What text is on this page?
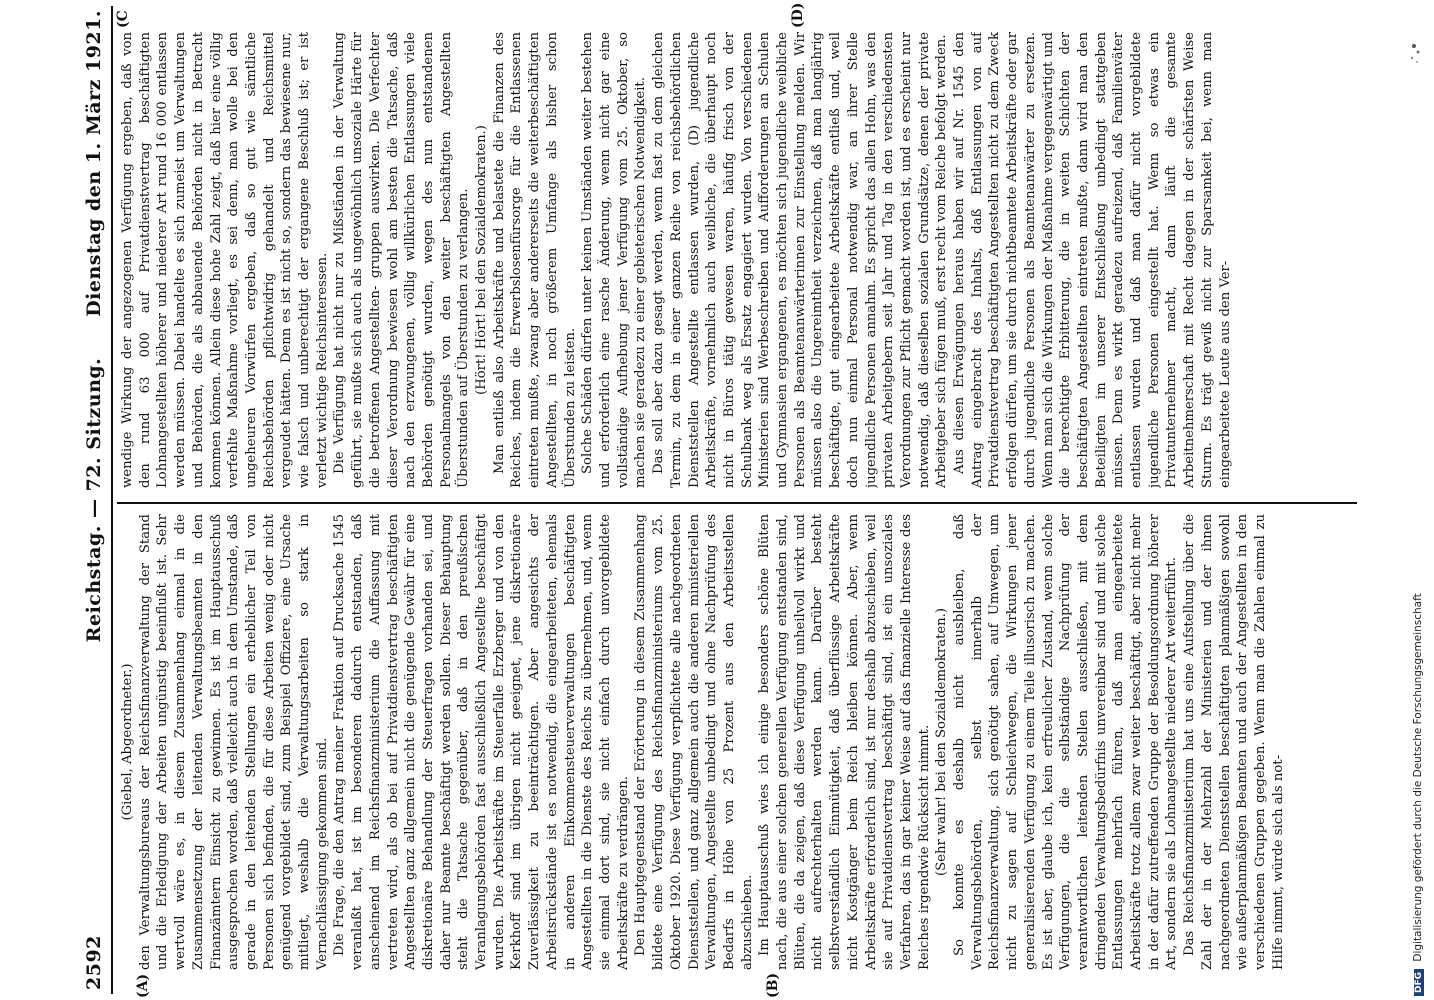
2592
Reichstag. — 72. Sitzung.
Dienstag den 1. März 1921.
(A)	(B)
(C	(D)

(Giebel, Abgeordneter.) den Verwaltungsbureaus der Reichsfinanzverwaltung der Stand und die Erledigung der Arbeiten ungünstig beeinflußt ist. Sehr wertvoll wäre es, in diesem Zusammenhang einmal in die Zusammensetzung der leitenden Verwaltungsbeamten in den Finanzämtern Einsicht zu gewinnen. Es ist im Hauptausschuß ausgesprochen worden, daß vielleicht auch in dem Umstande, daß gerade in den leitenden Stellungen ein erheblicher Teil von Personen sich befinden, die für diese Arbeiten wenig oder nicht genügend vorgebildet sind, zum Beispiel Offiziere, eine Ursache mitliegt, weshalb die Verwaltungsarbeiten so stark in Vernachlässigung gekommen sind. Die Frage, die den Antrag meiner Fraktion auf Drucksache 1545 veranlaßt hat, ist im besonderen dadurch entstanden, daß anscheinend im Reichsfinanzministerium die Auffassung mit vertreten wird, als ob bei auf Privatdienstvertrag beschäftigten Angestellten ganz allgemein nicht die genügende Gewähr für eine diskretionäre Behandlung der Steuerfragen vorhanden sei, und daher nur Beamte beschäftigt werden sollen. Dieser Behauptung steht die Tatsache gegenüber, daß in den preußischen Veranlagungsbehörden fast ausschließlich Angestellte beschäftigt wurden. Die Arbeitskräfte im Steuerfalle Erzberger und von den Kerkhoff sind im übrigen nicht geeignet, jene diskretionäre Zuverlässigkeit zu beeinträchtigen. Aber angesichts der Arbeitsrückstände ist es notwendig, die eingearbeiteten, ehemals in anderen Einkommensteuerverwaltungen beschäftigten Angestellten in die Dienste des Reichs zu übernehmen, und, wenn sie einmal dort sind, sie nicht einfach durch unvorgebildete Arbeitskräfte zu verdrängen. Den Hauptgegenstand der Erörterung in diesem Zusammenhang bildete eine Verfügung des Reichsfinanzministeriums vom 25. Oktober 1920. Diese Verfügung verpflichtete alle nachgeordneten Dienststellen, und ganz allgemein auch die anderen ministeriellen Verwaltungen, Angestellte unbedingt und ohne Nachprüfung des Bedarfs in Höhe von 25 Prozent aus den Arbeitsstellen abzuschieben. Im Hauptausschuß wies ich einige besonders schöne Blüten nach, die aus einer solchen generellen Verfügung entstanden sind, Blüten, die da zeigen, daß diese Verfügung unheilvoll wirkt und nicht aufrechterhalten werden kann. Darüber besteht selbstverständlich Einmütigkeit, daß überflüssige Arbeitskräfte nicht Kostgänger beim Reich bleiben können. Aber, wenn Arbeitskräfte erforderlich sind, ist nur deshalb abzuschieben, weil sie auf Privatdienstvertrag beschäftigt sind, ist ein unsoziales Verfahren, das in gar keiner Weise auf das finanzielle Interesse des Reiches irgendwie Rücksicht nimmt. (Sehr wahr! bei den Sozialdemokraten.) So konnte es deshalb nicht ausbleiben, daß Verwaltungsbehörden, selbst innerhalb der Reichsfinanzverwaltung, sich genötigt sahen, auf Umwegen, um nicht zu sagen auf Schleichwegen, die Wirkungen jener generalisierenden Verfügung zu einem Teile illusorisch zu machen. Es ist aber, glaube ich, kein erfreulicher Zustand, wenn solche Verfügungen, die die selbständige Nachprüfung der verantwortlichen leitenden Stellen ausschließen, mit dem dringenden Verwaltungsbedürfnis unvereinbar sind und mit solche Entlassungen mehrfach führen, daß man eingearbeitete Arbeitskräfte trotz allem zwar weiter beschäftigt, aber nicht mehr in der dafür zutreffenden Gruppe der Besoldungsordnung höherer Art, sondern sie als Lohnangestellte niederer Art weiterführt. Das Reichsfinanzministerium hat uns eine Aufstellung über die Zahl der in der Mehrzahl der Ministerien und der ihnen nachgeordneten Dienststellen beschäftigten planmäßigen sowohl wie außerplanmäßigen Beamten und auch der Angestellten in den verschiedenen Gruppen gegeben. Wenn man die Zahlen einmal zu Hilfe nimmt, würde sich als not-

wendige Wirkung der angezogenen Verfügung ergeben, daß von den rund 63 000 auf Privatdienstvertrag beschäftigten Lohnangestellten höherer und niederer Art rund 16 000 entlassen werden müssen. Dabei handelte es sich zumeist um Verwaltungen und Behörden, die als abbauende Behörden nicht in Betracht kommen können. Allein diese hohe Zahl zeigt, daß hier eine völlig verfehlte Maßnahme vorliegt, es sei denn, man wolle bei den ungeheuren Vorwürfen ergeben, daß so gut wie sämtliche Reichsbehörden pflichtwidrig gehandelt und Reichsmittel vergeudet hätten. Denn es ist nicht so, sondern das bewiesene nur, wie falsch und unberechtigt der ergangene Beschluß ist; er ist verletzt wichtige Reichsinteressen. Die Verfügung hat nicht nur zu Mißständen in der Verwaltung geführt, sie mußte sich auch als ungewöhnlich unsoziale Härte für die betroffenen Angestellten- gruppen auswirken. Die Verfechter dieser Verordnung bewiesen wohl am besten die Tatsache, daß nach den erzwungenen, völlig willkürlichen Entlassungen viele Behörden genötigt wurden, wegen des nun entstandenen Personalmangels von den weiter beschäftigten Angestellten Überstunden auf Überstunden zu verlangen. (Hört! Hört! bei den Sozialdemokraten.) Man entließ also Arbeitskräfte und belastete die Finanzen des Reiches, indem die Erwerbslosenfürsorge für die Entlassenen eintreten mußte, zwang aber andererseits die weiterbeschäftigten Angestellten, in noch größerem Umfange als bisher schon Überstunden zu leisten. Solche Schäden dürfen unter keinen Umständen weiter bestehen und erforderlich eine rasche Änderung, wenn nicht gar eine vollständige Aufhebung jener Verfügung vom 25. Oktober, so machen sie geradezu zu einer gebieterischen Notwendigkeit. Das soll aber dazu gesagt werden, wenn fast zu dem gleichen Termin, zu dem in einer ganzen Reihe von reichsbehördlichen Dienststellen Angestellte entlassen wurden, (D) jugendliche Arbeitskräfte, vornehmlich auch weibliche, die überhaupt noch nicht in Büros tätig gewesen waren, häufig frisch von der Schulbank weg als Ersatz engagiert wurden. Von verschiedenen Ministerien sind Werbeschreiben und Aufforderungen an Schulen und Gymnasien ergangenen, es möchten sich jugendliche weibliche Personen als Beamtenanwärterinnen zur Einstellung melden. Wir müssen also die Ungereimtheit verzeichnen, daß man langjährig beschäftigte, gut eingearbeitete Arbeitskräfte entließ und, weil doch nun einmal Personal notwendig war, an ihrer Stelle jugendliche Personen annahm. Es spricht das allen Hohn, was den privaten Arbeitgebern seit Jahr und Tag in den verschiedensten Verordnungen zur Pflicht gemacht worden ist, und es erscheint nur notwendig, daß dieselben sozialen Grundsätze, denen der private Arbeitgeber sich fügen muß, erst recht vom Reiche befolgt werden. Aus diesen Erwägungen heraus haben wir auf Nr. 1545 den Antrag eingebracht des Inhalts, daß Entlassungen von auf Privatdienstvertrag beschäftigten Angestellten nicht zu dem Zweck erfolgen dürfen, um sie durch nichtbeamtete Arbeitskräfte oder gar durch jugendliche Personen als Beamtenanwärter zu ersetzen. Wenn man sich die Wirkungen der Maßnahme vergegenwärtigt und die berechtigte Erbitterung, die in weiten Schichten der beschäftigten Angestellten eintreten mußte, dann wird man den Beteiligten im unserer Entschließung unbedingt stattgeben müssen. Denn es wirkt geradezu aufreizend, daß Familienväter entlassen wurden und daß man dafür nicht vorgebildete jugendliche Personen eingestellt hat. Wenn so etwas ein Privatunternehmer macht, dann läuft die gesamte Arbeitnehmerschaft mit Recht dagegen in der schärfsten Weise Sturm. Es trägt gewiß nicht zur Sparsamkeit bei, wenn man eingearbeitete Leute aus den Ver-

DFG Digitalisierung gefördert durch die Deutsche Forschungsgemeinschaft
